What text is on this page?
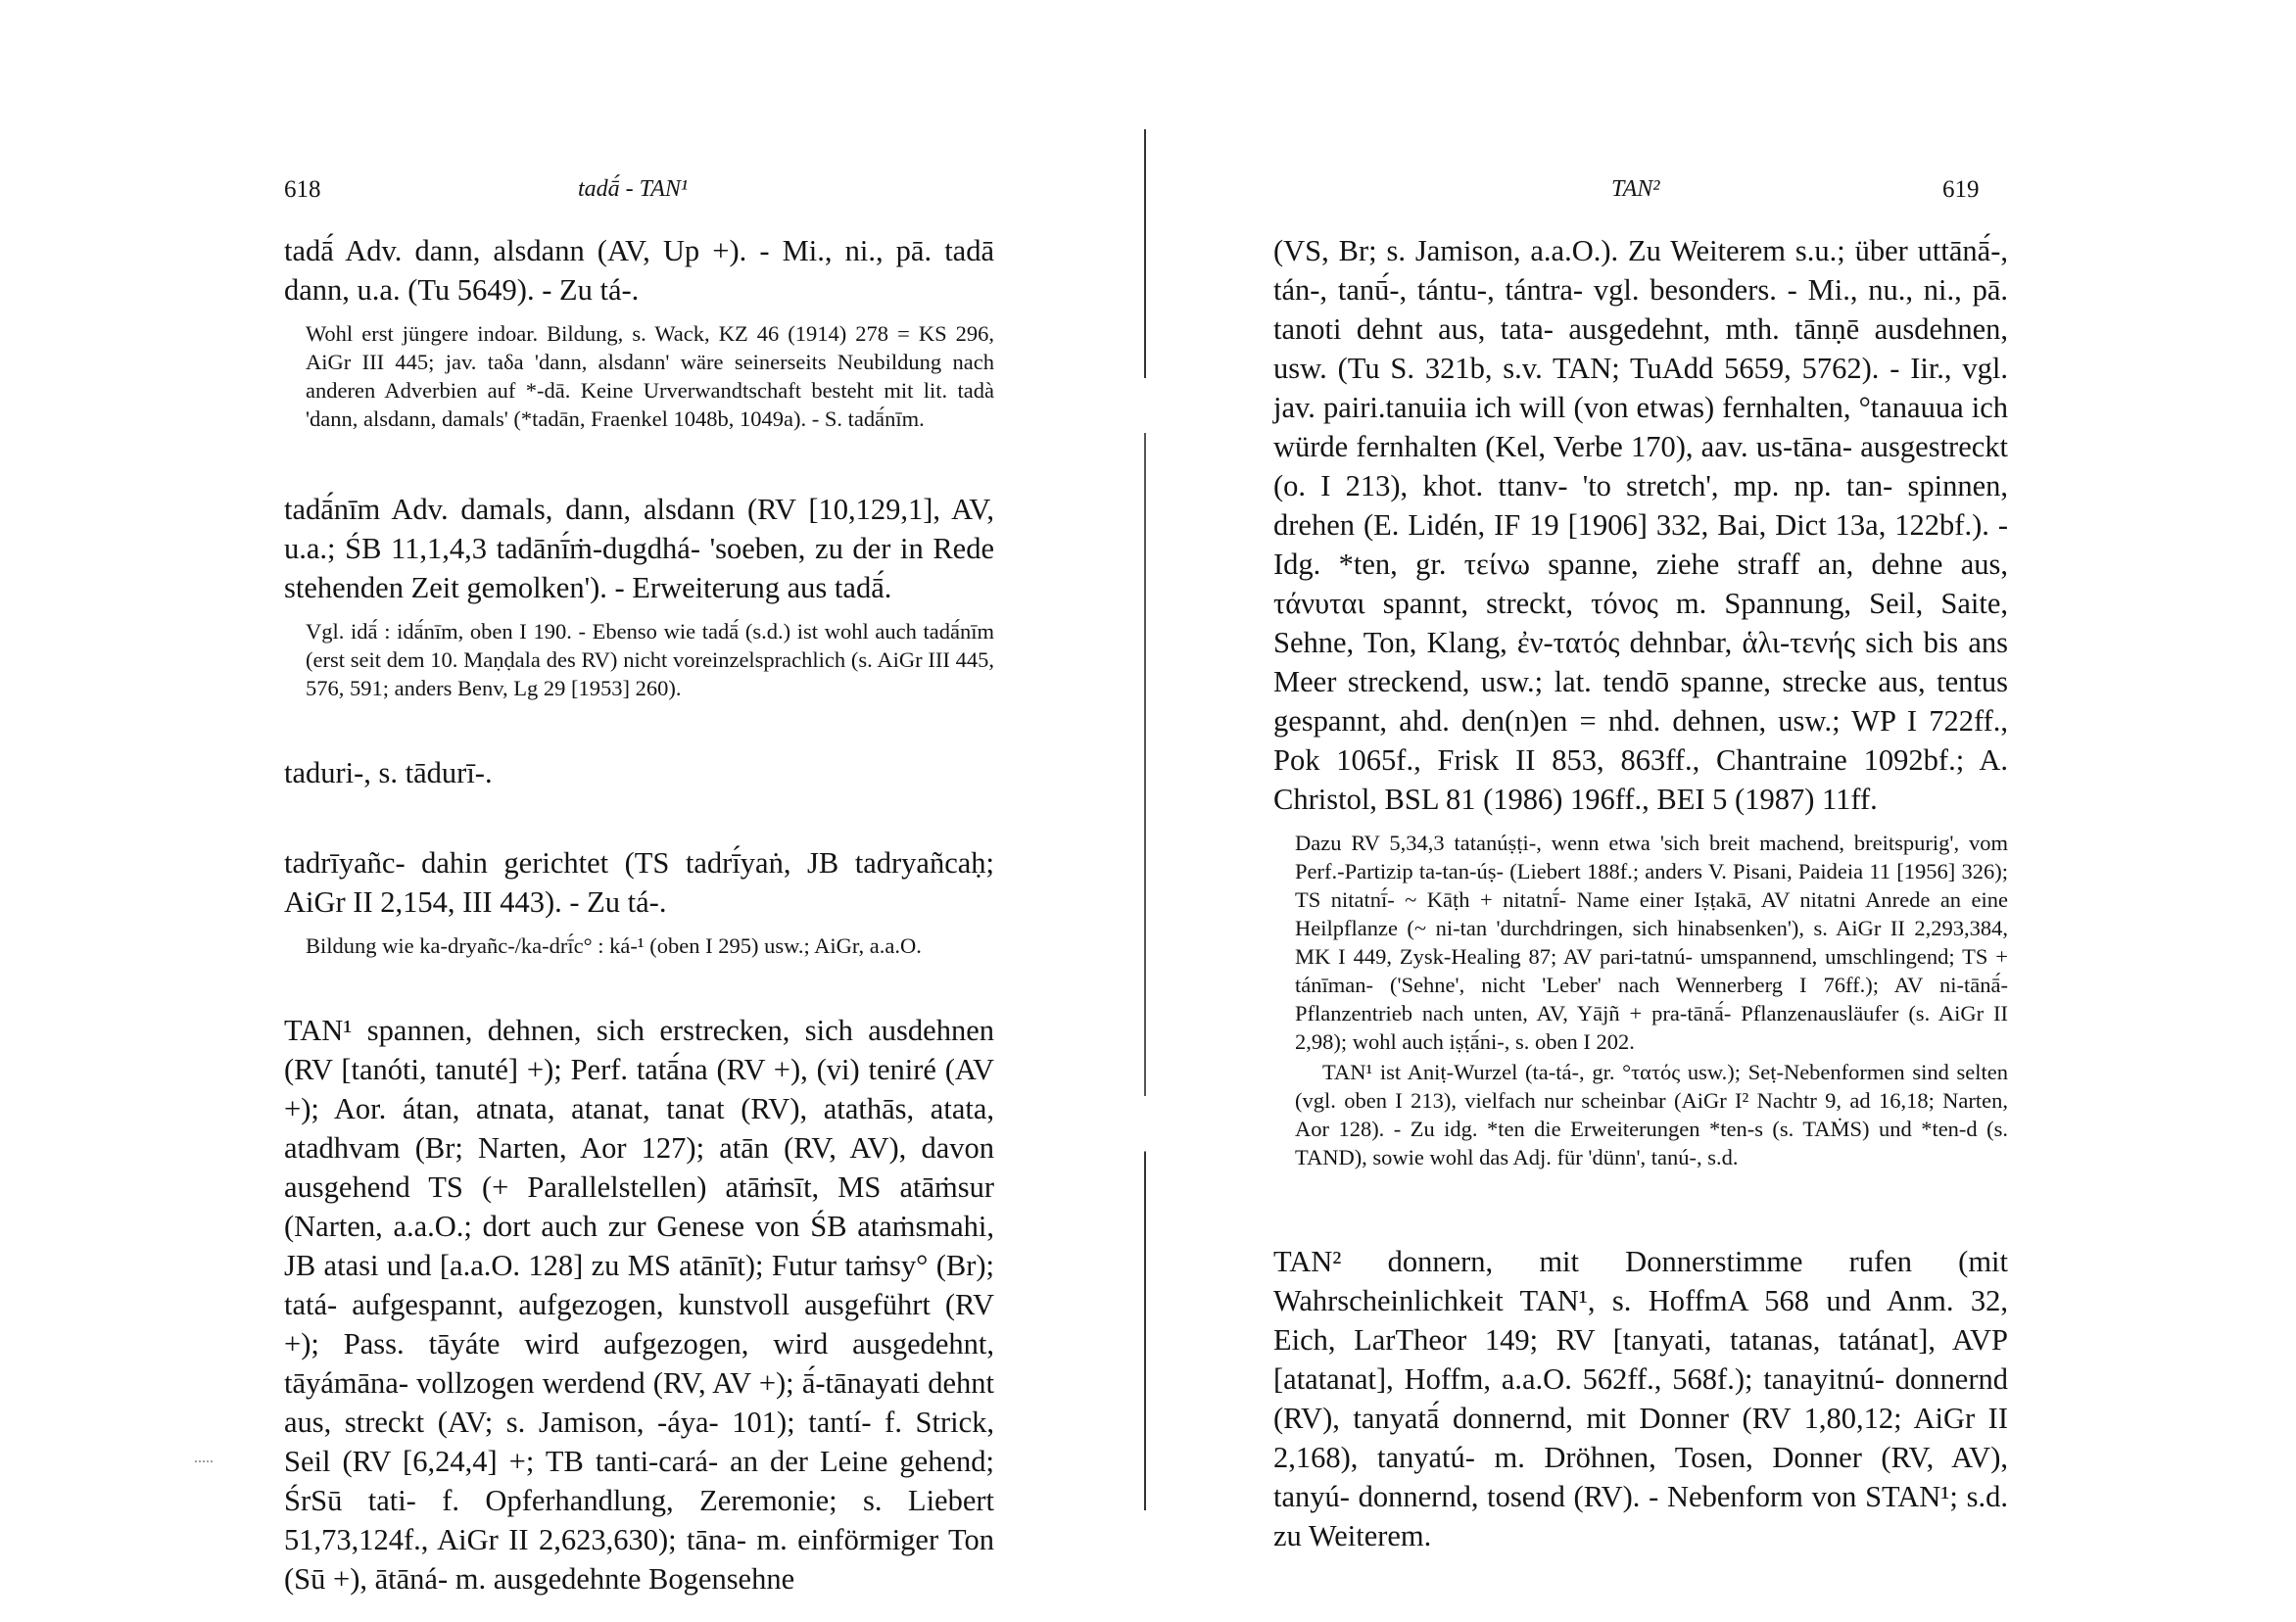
.....
618	tadā́ - TAN¹

tadā́ Adv. dann, alsdann (AV, Up +). - Mi., ni., pā. tadā dann, u.a. (Tu 5649). - Zu tá-.

Wohl erst jüngere indoar. Bildung, s. Wack, KZ 46 (1914) 278 = KS 296, AiGr III 445; jav. taδa 'dann, alsdann' wäre seinerseits Neubildung nach anderen Adverbien auf *-dā. Keine Urverwandtschaft besteht mit lit. tadà 'dann, alsdann, damals' (*tadān, Fraenkel 1048b, 1049a). - S. tadā́nīm.

tadā́nīm Adv. damals, dann, alsdann (RV [10,129,1], AV, u.a.; ŚB 11,1,4,3 tadānī́ṁ-dugdhá- 'soeben, zu der in Rede stehenden Zeit gemolken'). - Erweiterung aus tadā́.

Vgl. idā́ : idā́nīm, oben I 190. - Ebenso wie tadā́ (s.d.) ist wohl auch tadā́nīm (erst seit dem 10. Maṇḍala des RV) nicht voreinzelsprachlich (s. AiGr III 445, 576, 591; anders Benv, Lg 29 [1953] 260).

taduri-, s. tādurī-.

tadrīyañc- dahin gerichtet (TS tadrī́yaṅ, JB tadryañcaḥ; AiGr II 2,154, III 443). - Zu tá-.

Bildung wie ka-dryañc-/ka-drī́c° : ká-¹ (oben I 295) usw.; AiGr, a.a.O.

TAN¹ spannen, dehnen, sich erstrecken, sich ausdehnen (RV [tanóti, tanuté] +); Perf. tatā́na (RV +), (vi) teniré (AV +); Aor. átan, atnata, atanat, tanat (RV), atathās, atata, atadhvam (Br; Narten, Aor 127); atān (RV, AV), davon ausgehend TS (+ Parallelstellen) atāṁsīt, MS atāṁsur (Narten, a.a.O.; dort auch zur Genese von ŚB ataṁsmahi, JB atasi und [a.a.O. 128] zu MS atānīt); Futur taṁsy° (Br); tatá- aufgespannt, aufgezogen, kunstvoll ausgeführt (RV +); Pass. tāyáte wird aufgezogen, wird ausgedehnt, tāyámāna- vollzogen werdend (RV, AV +); ā́-tānayati dehnt aus, streckt (AV; s. Jamison, -áya- 101); tantí- f. Strick, Seil (RV [6,24,4] +; TB tanti-cará- an der Leine gehend; ŚrSū tati- f. Opferhandlung, Zeremonie; s. Liebert 51,73,124f., AiGr II 2,623,630); tāna- m. einförmiger Ton (Sū +), ātāná- m. ausgedehnte Bogensehne

TAN²	619

(VS, Br; s. Jamison, a.a.O.). Zu Weiterem s.u.; über uttānā́-, tán-, tanū́-, tántu-, tántra- vgl. besonders. - Mi., nu., ni., pā. tanoti dehnt aus, tata- ausgedehnt, mth. tānṇē ausdehnen, usw. (Tu S. 321b, s.v. TAN; TuAdd 5659, 5762). - Iir., vgl. jav. pairi.tanuiia ich will (von etwas) fernhalten, °tanauua ich würde fernhalten (Kel, Verbe 170), aav. us-tāna- ausgestreckt (o. I 213), khot. ttanv- 'to stretch', mp. np. tan- spinnen, drehen (E. Lidén, IF 19 [1906] 332, Bai, Dict 13a, 122bf.). - Idg. *ten, gr. τείνω spanne, ziehe straff an, dehne aus, τάνυται spannt, streckt, τόνος m. Spannung, Seil, Saite, Sehne, Ton, Klang, ἐν-τατός dehnbar, ἁλι-τενής sich bis ans Meer streckend, usw.; lat. tendō spanne, strecke aus, tentus gespannt, ahd. den(n)en = nhd. dehnen, usw.; WP I 722ff., Pok 1065f., Frisk II 853, 863ff., Chantraine 1092bf.; A. Christol, BSL 81 (1986) 196ff., BEI 5 (1987) 11ff.

Dazu RV 5,34,3 tatanúṣṭi-, wenn etwa 'sich breit machend, breitspurig', vom Perf.-Partizip ta-tan-úṣ- (Liebert 188f.; anders V. Pisani, Paideia 11 [1956] 326); TS nitatnī́- ~ Kāṭh + nitatnī́- Name einer Iṣṭakā, AV nitatni Anrede an eine Heilpflanze (~ ni-tan 'durchdringen, sich hinabsenken'), s. AiGr II 2,293,384, MK I 449, Zysk-Healing 87; AV pari-tatnú- umspannend, umschlingend; TS + tánīman- ('Sehne', nicht 'Leber' nach Wennerberg I 76ff.); AV ni-tānā́- Pflanzentrieb nach unten, AV, Yājñ + pra-tānā́- Pflanzenausläufer (s. AiGr II 2,98); wohl auch iṣṭā́ni-, s. oben I 202.

TAN¹ ist Aniṭ-Wurzel (ta-tá-, gr. °τατός usw.); Seṭ-Nebenformen sind selten (vgl. oben I 213), vielfach nur scheinbar (AiGr I² Nachtr 9, ad 16,18; Narten, Aor 128). - Zu idg. *ten die Erweiterungen *ten-s (s. TAṀS) und *ten-d (s. TAND), sowie wohl das Adj. für 'dünn', tanú-, s.d.

TAN² donnern, mit Donnerstimme rufen (mit Wahrscheinlichkeit TAN¹, s. HoffmA 568 und Anm. 32, Eich, LarTheor 149; RV [tanyati, tatanas, tatánat], AVP [atatanat], Hoffm, a.a.O. 562ff., 568f.); tanayitnú- donnernd (RV), tanyatā́ donnernd, mit Donner (RV 1,80,12; AiGr II 2,168), tanyatú- m. Dröhnen, Tosen, Donner (RV, AV), tanyú- donnernd, tosend (RV). - Nebenform von STAN¹; s.d. zu Weiterem.
